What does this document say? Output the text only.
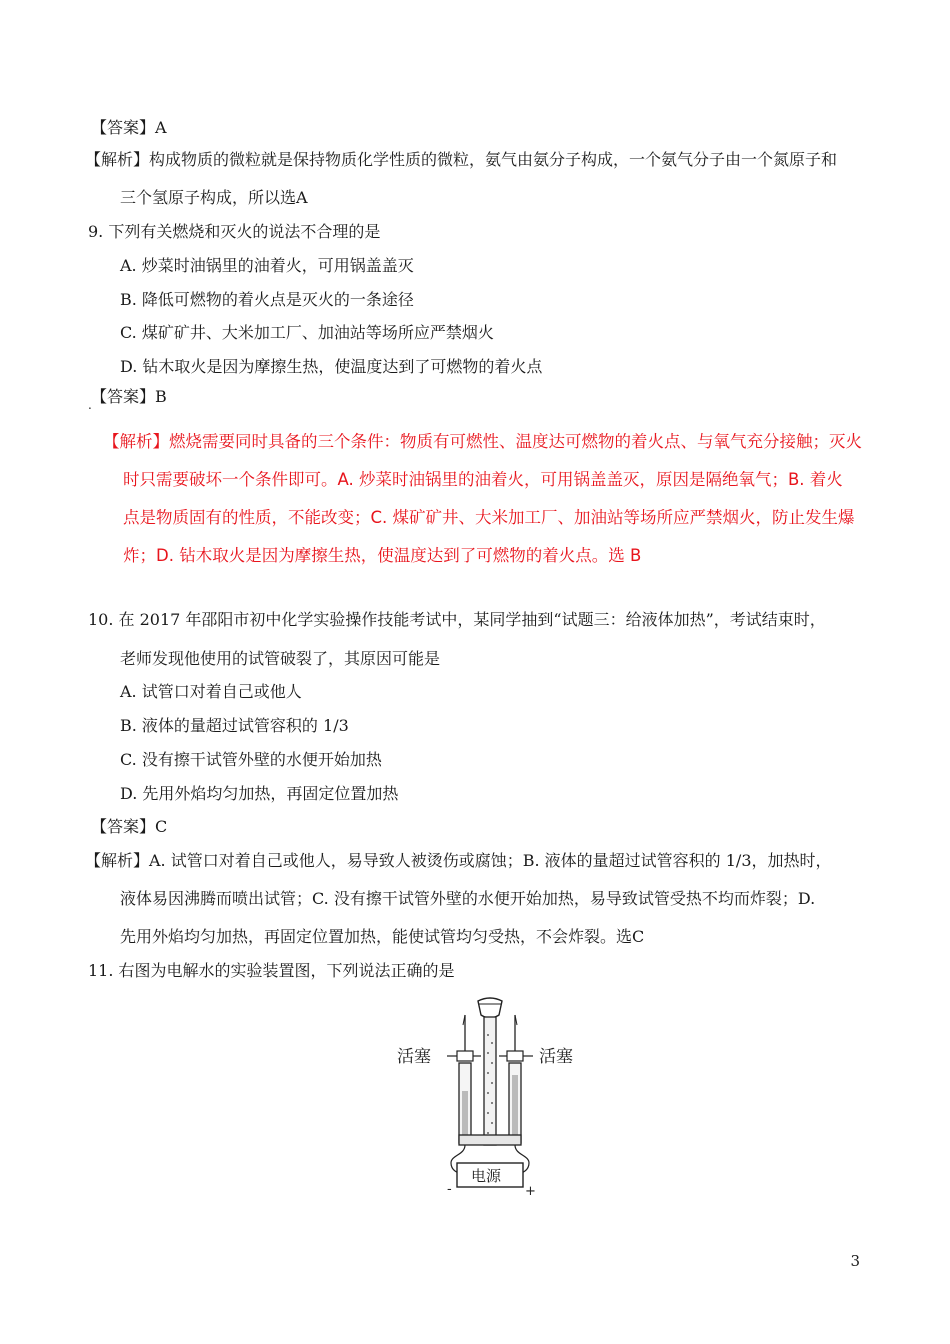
【答案】A
【解析】构成物质的微粒就是保持物质化学性质的微粒，氨气由氨分子构成，一个氨气分子由一个氮原子和
三个氢原子构成，所以选A
9. 下列有关燃烧和灭火的说法不合理的是
A. 炒菜时油锅里的油着火，可用锅盖盖灭
B. 降低可燃物的着火点是灭火的一条途径
C. 煤矿矿井、大米加工厂、加油站等场所应严禁烟火
D. 钻木取火是因为摩擦生热，使温度达到了可燃物的着火点
. 【答案】B
【解析】燃烧需要同时具备的三个条件：物质有可燃性、温度达可燃物的着火点、与氧气充分接触；灭火
时只需要破坏一个条件即可。A. 炒菜时油锅里的油着火，可用锅盖盖灭，原因是隔绝氧气；B. 着火
点是物质固有的性质，不能改变；C. 煤矿矿井、大米加工厂、加油站等场所应严禁烟火，防止发生爆
炸；D. 钻木取火是因为摩擦生热，使温度达到了可燃物的着火点。选 B
10. 在 2017 年邵阳市初中化学实验操作技能考试中，某同学抽到“试题三：给液体加热”，考试结束时，
老师发现他使用的试管破裂了，其原因可能是
A. 试管口对着自己或他人
B. 液体的量超过试管容积的 1/3
C. 没有擦干试管外壁的水便开始加热
D. 先用外焰均匀加热，再固定位置加热
【答案】C
【解析】A. 试管口对着自己或他人，易导致人被烫伤或腐蚀；B. 液体的量超过试管容积的 1/3，加热时，
液体易因沸腾而喷出试管；C. 没有擦干试管外壁的水便开始加热，易导致试管受热不均而炸裂；D.
先用外焰均匀加热，再固定位置加热，能使试管均匀受热，不会炸裂。选C
11. 右图为电解水的实验装置图，下列说法正确的是
活塞	活塞
电源
-	+
3
